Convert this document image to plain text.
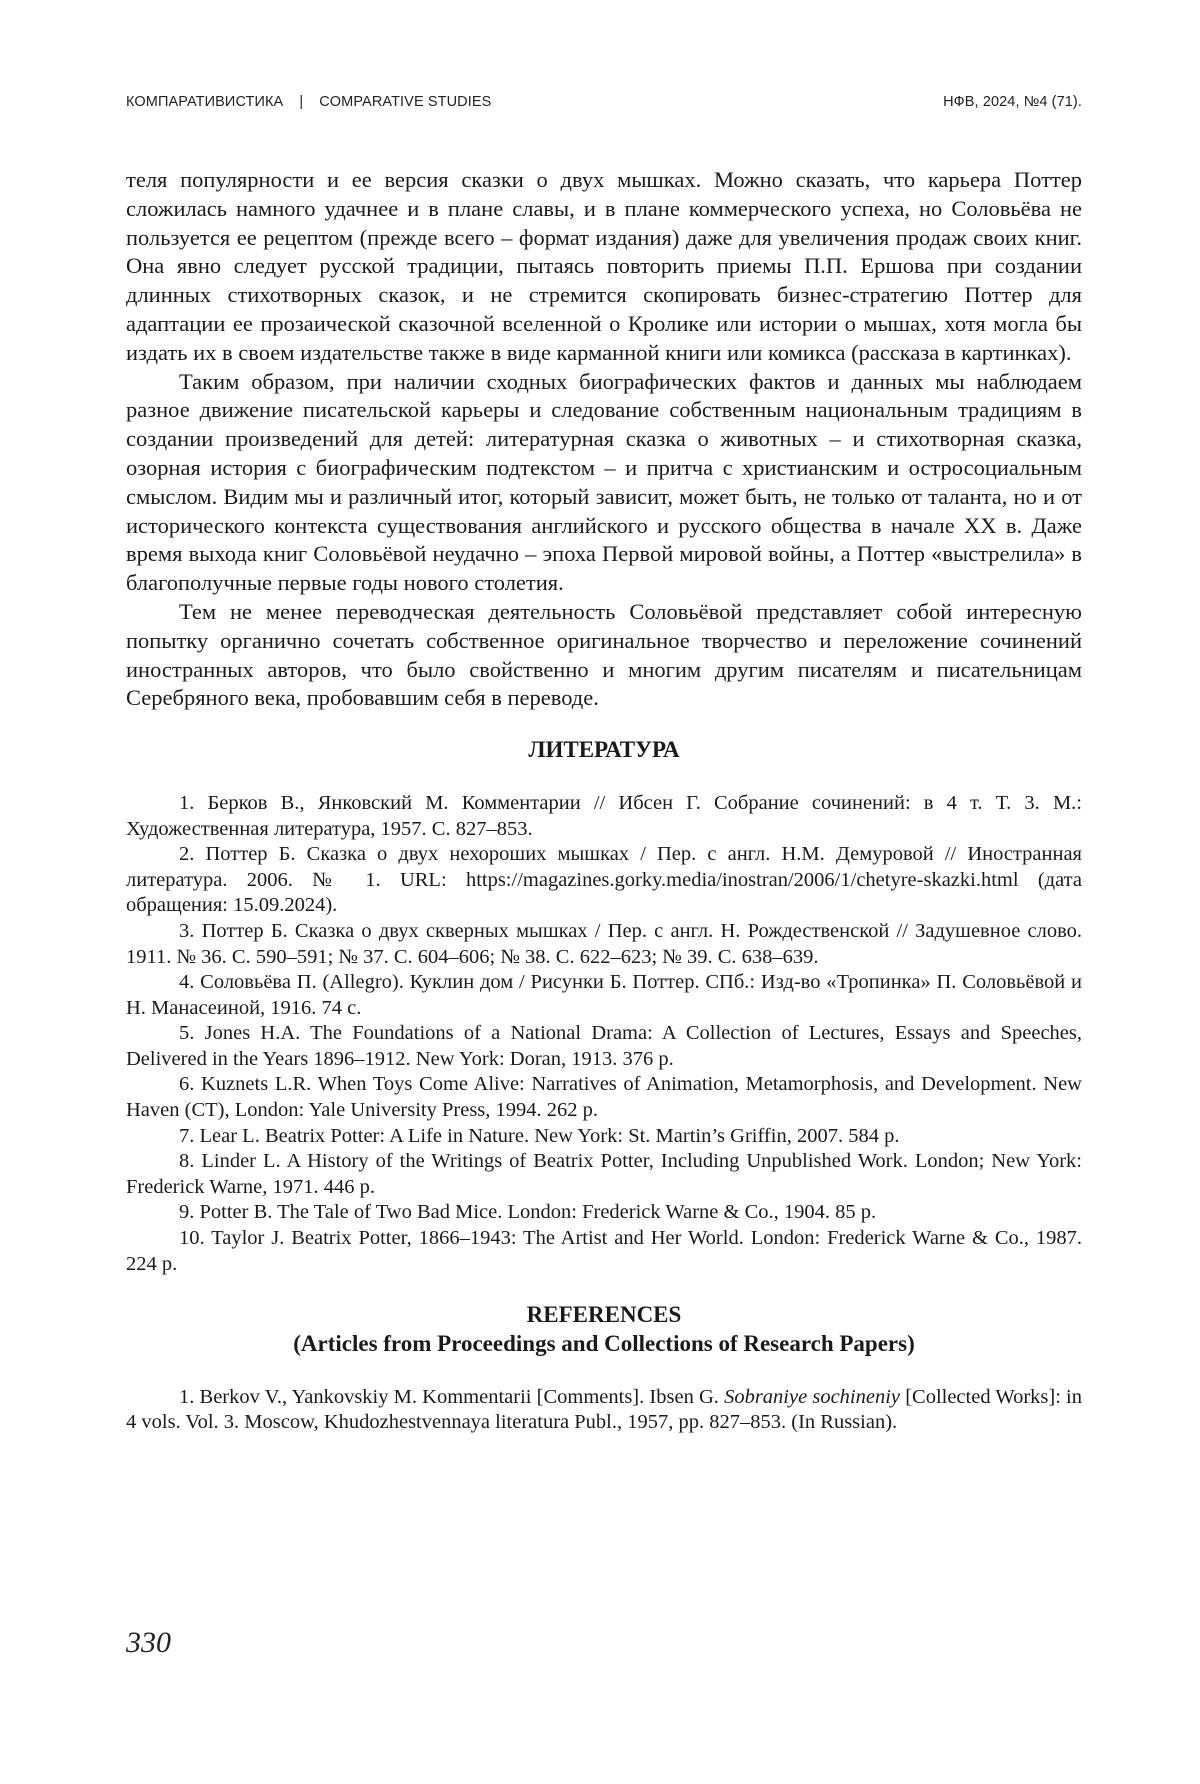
КОМПАРАТИВИСТИКА | COMPARATIVE STUDIES	НФВ, 2024, №4 (71).

теля популярности и ее версия сказки о двух мышках. Можно сказать, что карьера Поттер сложилась намного удачнее и в плане славы, и в плане коммерческого успеха, но Соловьёва не пользуется ее рецептом (прежде всего – формат издания) даже для увеличения продаж своих книг. Она явно следует русской традиции, пытаясь повторить приемы П.П. Ершова при создании длинных стихотворных сказок, и не стремится скопировать бизнес-стратегию Поттер для адаптации ее прозаической сказочной вселенной о Кролике или истории о мышах, хотя могла бы издать их в своем издательстве также в виде карманной книги или комикса (рассказа в картинках).

Таким образом, при наличии сходных биографических фактов и данных мы наблюдаем разное движение писательской карьеры и следование собственным национальным традициям в создании произведений для детей: литературная сказка о животных – и стихотворная сказка, озорная история с биографическим подтекстом – и притча с христианским и остросоциальным смыслом. Видим мы и различный итог, который зависит, может быть, не только от таланта, но и от исторического контекста существования английского и русского общества в начале XX в. Даже время выхода книг Соловьёвой неудачно – эпоха Первой мировой войны, а Поттер «выстрелила» в благополучные первые годы нового столетия.

Тем не менее переводческая деятельность Соловьёвой представляет собой интересную попытку органично сочетать собственное оригинальное творчество и переложение сочинений иностранных авторов, что было свойственно и многим другим писателям и писательницам Серебряного века, пробовавшим себя в переводе.

ЛИТЕРАТУРА

1. Берков В., Янковский М. Комментарии // Ибсен Г. Собрание сочинений: в 4 т. Т. 3. М.: Художественная литература, 1957. С. 827–853.

2. Поттер Б. Сказка о двух нехороших мышках / Пер. с англ. Н.М. Демуровой // Иностранная литература. 2006. № 1. URL: https://magazines.gorky.media/inostran/2006/1/chetyre-skazki.html (дата обращения: 15.09.2024).

3. Поттер Б. Сказка о двух скверных мышках / Пер. с англ. Н. Рождественской // Задушевное слово. 1911. № 36. С. 590–591; № 37. С. 604–606; № 38. С. 622–623; № 39. С. 638–639.

4. Соловьёва П. (Allegro). Куклин дом / Рисунки Б. Поттер. СПб.: Изд-во «Тропинка» П. Соловьёвой и Н. Манасеиной, 1916. 74 с.

5. Jones H.A. The Foundations of a National Drama: A Collection of Lectures, Essays and Speeches, Delivered in the Years 1896–1912. New York: Doran, 1913. 376 p.

6. Kuznets L.R. When Toys Come Alive: Narratives of Animation, Metamorphosis, and Development. New Haven (CT), London: Yale University Press, 1994. 262 p.

7. Lear L. Beatrix Potter: A Life in Nature. New York: St. Martin’s Griffin, 2007. 584 p.

8. Linder L. A History of the Writings of Beatrix Potter, Including Unpublished Work. London; New York: Frederick Warne, 1971. 446 p.

9. Potter B. The Tale of Two Bad Mice. London: Frederick Warne & Co., 1904. 85 p.

10. Taylor J. Beatrix Potter, 1866–1943: The Artist and Her World. London: Frederick Warne & Co., 1987. 224 p.

REFERENCES
(Articles from Proceedings and Collections of Research Papers)

1. Berkov V., Yankovskiy M. Kommentarii [Comments]. Ibsen G. Sobraniye sochineniy [Collected Works]: in 4 vols. Vol. 3. Moscow, Khudozhestvennaya literatura Publ., 1957, pp. 827–853. (In Russian).

330
